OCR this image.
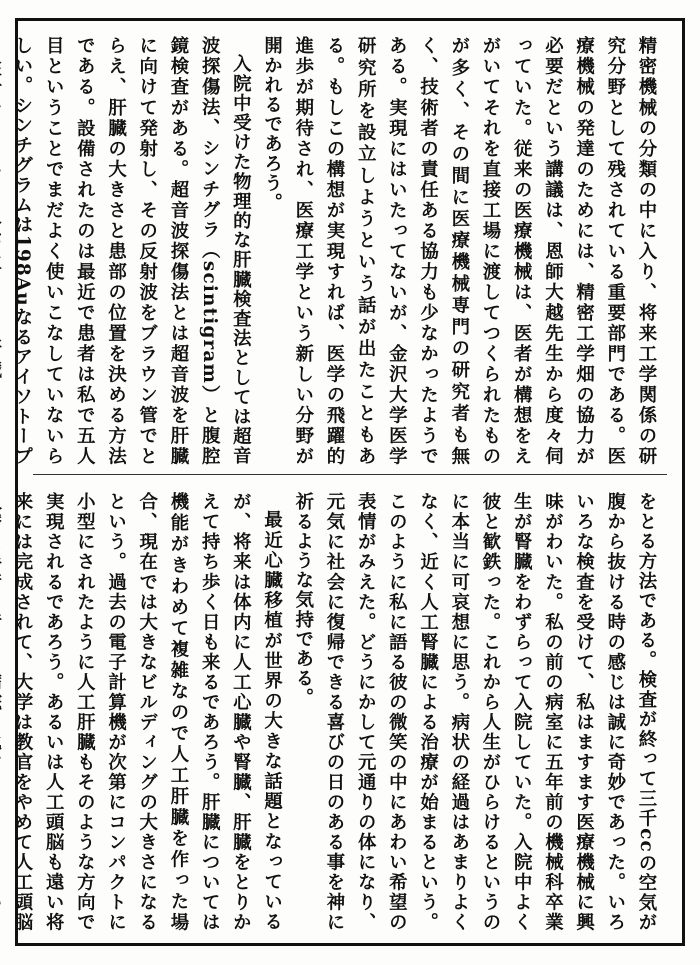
精密機械の分類の中に入り、将来工学関係の研究分野として残されている重要部門である。医療機械の発達のためには、精密工学畑の協力が必要だという講議は、恩師大越先生から度々伺っていた。従来の医療機械は、医者が構想をえがいてそれを直接工場に渡してつくられたものが多く、その間に医療機械専門の研究者も無く、技術者の責任ある協力も少なかったようである。実現にはいたってないが、金沢大学医学研究所を設立しようという話が出たこともある。もしこの構想が実現すれば、医学の飛躍的進歩が期待され、医療工学という新しい分野が開かれるであろう。

入院中受けた物理的な肝臓検査法としては超音波探傷法、シンチグラ（scintigram）と腹腔鏡検査がある。超音波探傷法とは超音波を肝臓に向けて発射し、その反射波をブラウン管でとらえ、肝臓の大きさと患部の位置を決める方法である。設備されたのは最近で患者は私で五人目ということでまだよく使いこなしていないらしい。シンチグラムは198Auなるアイソトープ

をとる方法である。検査が終って三千ccの空気が腹から抜ける時の感じは誠に奇妙であった。いろいろな検査を受けて、私はますます医療機械に興味がわいた。私の前の病室に五年前の機械科卒業生が腎臓をわずらって入院していた。入院中よく彼と歓鉄った。これから人生がひらけるというのに本当に可哀想に思う。病状の経過はあまりよくなく、近く人工腎臓による治療が始まるという。このように私に語る彼の微笑の中にあわい希望の表情がみえた。どうにかして元通りの体になり、元気に社会に復帰できる喜びの日のある事を神に祈るような気持である。

最近心臓移植が世界の大きな話題となっているが、将来は体内に人工心臓や腎臓、肝臓をとりかえて持ち歩く日も来るであろう。肝臓については機能がきわめて複雑なので人工肝臓を作った場合、現在では大きなビルディングの大きさになるという。過去の電子計算機が次第にコンパクトに小型にされたように人工肝臓もそのような方向で実現されるであろう。あるいは人工頭脳も遠い将来には完成されて、大学は教官をやめて人工頭脳
